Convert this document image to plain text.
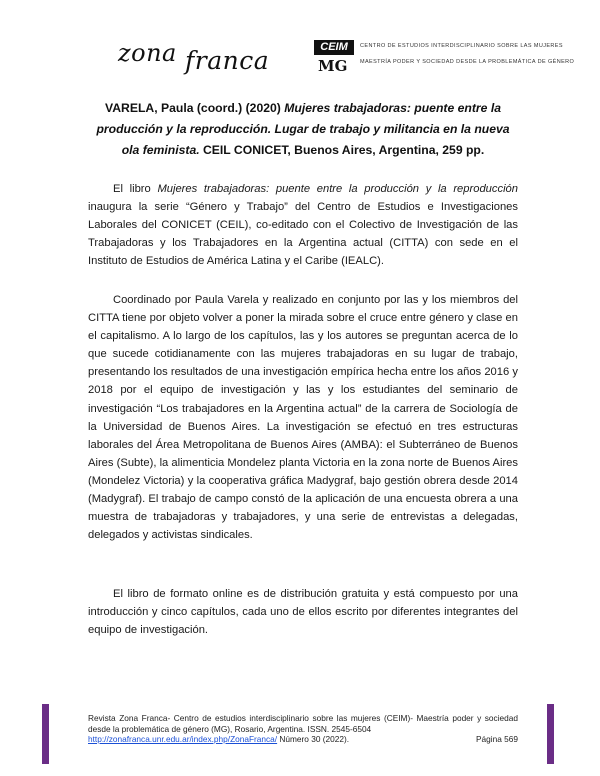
zona franca	CEIM
MG
CENTRO DE ESTUDIOS INTERDISCIPLINARIO SOBRE LAS MUJERES
MAESTRÍA PODER Y SOCIEDAD DESDE LA PROBLEMÁTICA DE GÉNERO
VARELA, Paula (coord.) (2020) Mujeres trabajadoras: puente entre la producción y la reproducción. Lugar de trabajo y militancia en la nueva ola feminista. CEIL CONICET, Buenos Aires, Argentina, 259 pp.

El libro Mujeres trabajadoras: puente entre la producción y la reproducción inaugura la serie “Género y Trabajo” del Centro de Estudios e Investigaciones Laborales del CONICET (CEIL), co-editado con el Colectivo de Investigación de las Trabajadoras y los Trabajadores en la Argentina actual (CITTA) con sede en el Instituto de Estudios de América Latina y el Caribe (IEALC).

Coordinado por Paula Varela y realizado en conjunto por las y los miembros del CITTA tiene por objeto volver a poner la mirada sobre el cruce entre género y clase en el capitalismo. A lo largo de los capítulos, las y los autores se preguntan acerca de lo que sucede cotidianamente con las mujeres trabajadoras en su lugar de trabajo, presentando los resultados de una investigación empírica hecha entre los años 2016 y 2018 por el equipo de investigación y las y los estudiantes del seminario de investigación “Los trabajadores en la Argentina actual” de la carrera de Sociología de la Universidad de Buenos Aires. La investigación se efectuó en tres estructuras laborales del Área Metropolitana de Buenos Aires (AMBA): el Subterráneo de Buenos Aires (Subte), la alimenticia Mondelez planta Victoria en la zona norte de Buenos Aires (Mondelez Victoria) y la cooperativa gráfica Madygraf, bajo gestión obrera desde 2014 (Madygraf). El trabajo de campo constó de la aplicación de una encuesta obrera a una muestra de trabajadoras y trabajadores, y una serie de entrevistas a delegadas, delegados y activistas sindicales.

El libro de formato online es de distribución gratuita y está compuesto por una introducción y cinco capítulos, cada uno de ellos escrito por diferentes integrantes del equipo de investigación.

Revista Zona Franca- Centro de estudios interdisciplinario sobre las mujeres (CEIM)- Maestría poder y sociedad desde la problemática de género (MG), Rosario, Argentina. ISSN. 2545-6504
http://zonafranca.unr.edu.ar/index.php/ZonaFranca/ Número 30 (2022).	Página 569
